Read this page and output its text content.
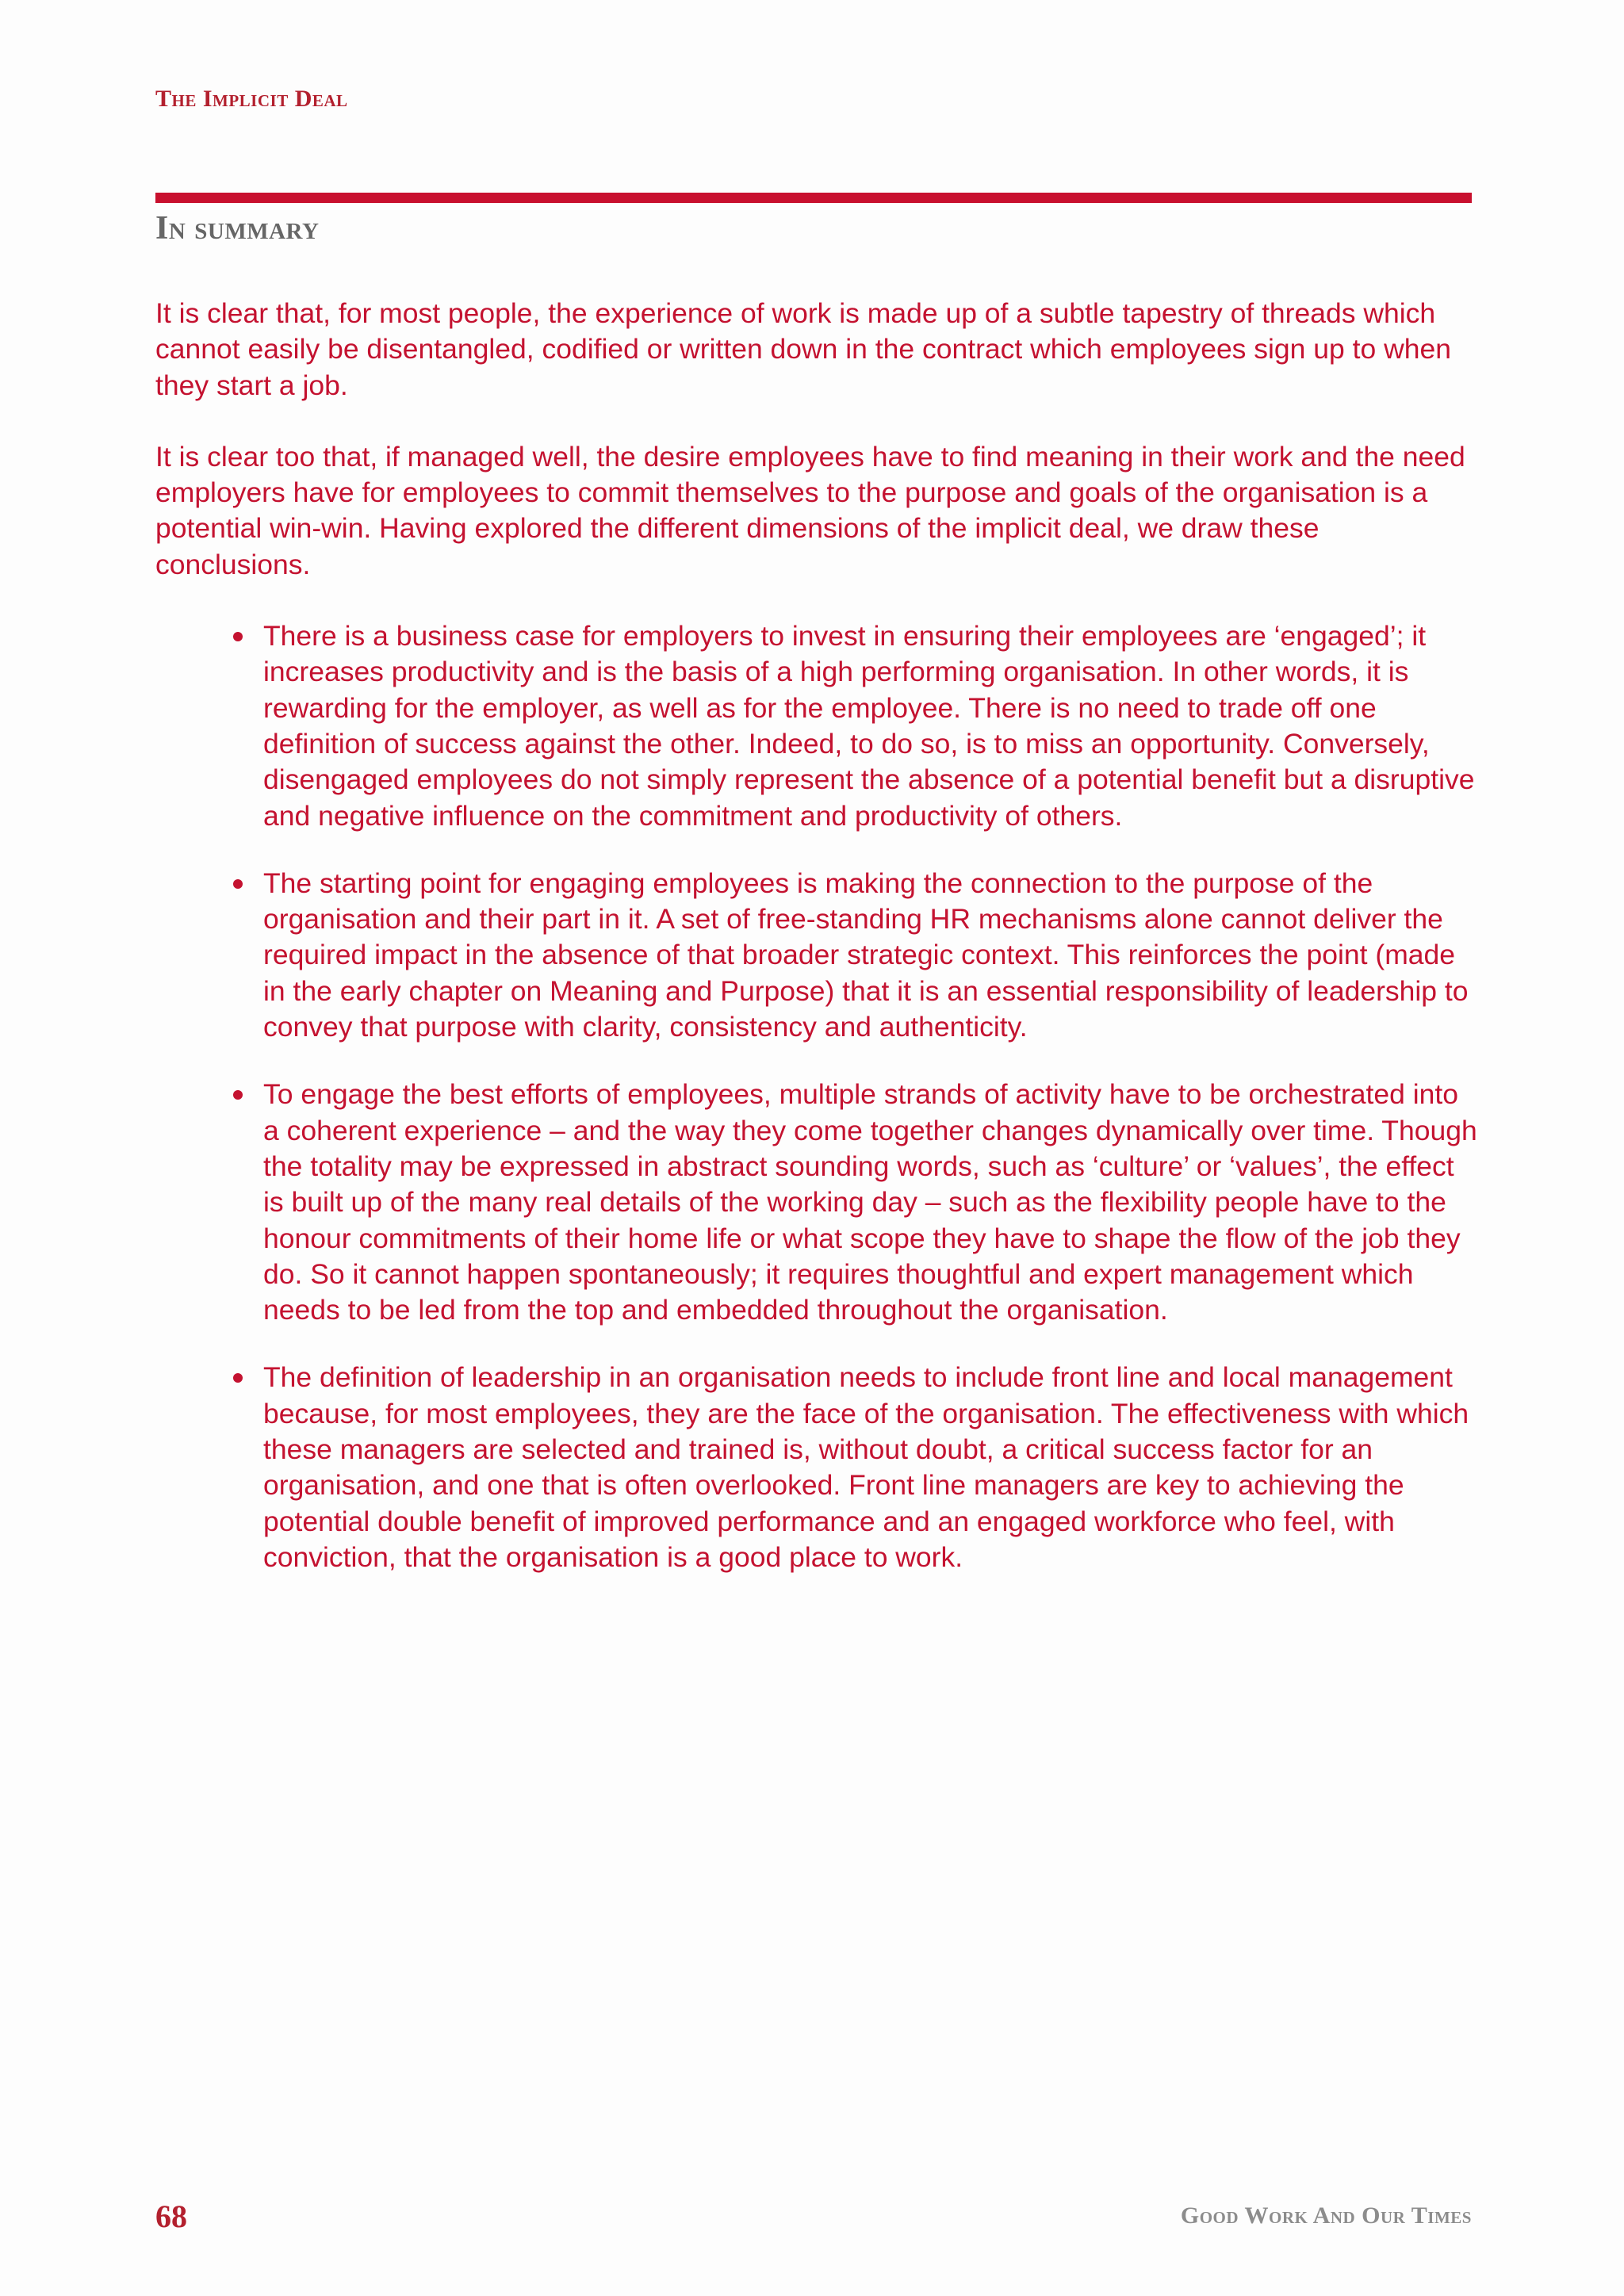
The Implicit Deal
In summary

It is clear that, for most people, the experience of work is made up of a subtle tapestry of threads which cannot easily be disentangled, codified or written down in the contract which employees sign up to when they start a job.

It is clear too that, if managed well, the desire employees have to find meaning in their work and the need employers have for employees to commit themselves to the purpose and goals of the organisation is a potential win-win. Having explored the different dimensions of the implicit deal, we draw these conclusions.

There is a business case for employers to invest in ensuring their employees are ‘engaged’; it increases productivity and is the basis of a high performing organisation. In other words, it is rewarding for the employer, as well as for the employee. There is no need to trade off one definition of success against the other. Indeed, to do so, is to miss an opportunity. Conversely, disengaged employees do not simply represent the absence of a potential benefit but a disruptive and negative influence on the commitment and productivity of others.
The starting point for engaging employees is making the connection to the purpose of the organisation and their part in it. A set of free-standing HR mechanisms alone cannot deliver the required impact in the absence of that broader strategic context. This reinforces the point (made in the early chapter on Meaning and Purpose) that it is an essential responsibility of leadership to convey that purpose with clarity, consistency and authenticity.
To engage the best efforts of employees, multiple strands of activity have to be orchestrated into a coherent experience – and the way they come together changes dynamically over time. Though the totality may be expressed in abstract sounding words, such as ‘culture’ or ‘values’, the effect is built up of the many real details of the working day – such as the flexibility people have to the honour commitments of their home life or what scope they have to shape the flow of the job they do. So it cannot happen spontaneously; it requires thoughtful and expert management which needs to be led from the top and embedded throughout the organisation.
The definition of leadership in an organisation needs to include front line and local management because, for most employees, they are the face of the organisation. The effectiveness with which these managers are selected and trained is, without doubt, a critical success factor for an organisation, and one that is often overlooked. Front line managers are key to achieving the potential double benefit of improved performance and an engaged workforce who feel, with conviction, that the organisation is a good place to work.
68	Good Work And Our Times
